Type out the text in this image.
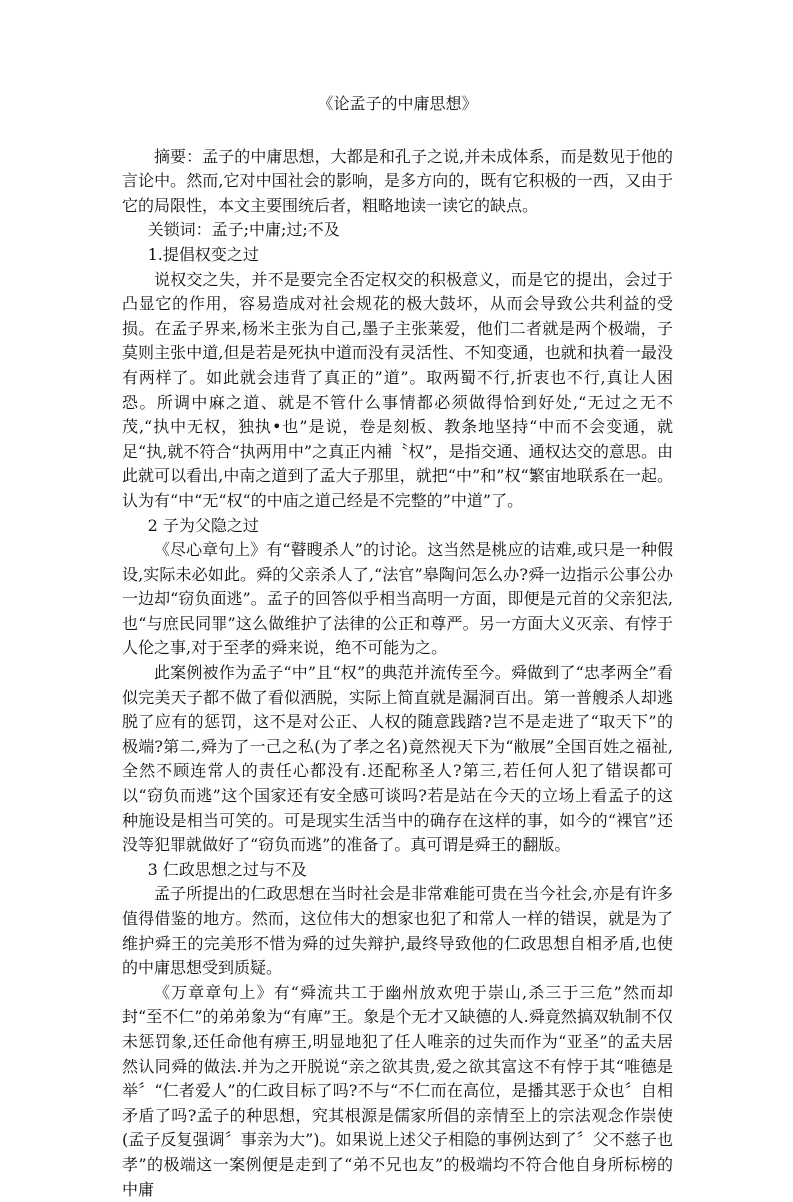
《论孟子的中庸思想》

摘要：孟子的中庸思想，大都是和孔子之说,并未成体系，而是数见于他的言论中。然而,它对中国社会的影响，是多方向的，既有它积极的一西，又由于它的局限性，本文主要围统后者，粗略地读一读它的缺点。

关锁词：孟子;中庸;过;不及

1.提倡权变之过

说权交之失，并不是要完全否定权交的积极意义，而是它的提出，会过于凸显它的作用，容易造成对社会规花的极大鼓坏，从而会导致公共利益的受损。在孟子界来,杨米主张为自己,墨子主张莱爱，他们二者就是两个极端，子莫则主张中道,但是若是死执中道而没有灵活性、不知变通，也就和执着一最没有两样了。如此就会违背了真正的”道”。取两蜀不行,折衷也不行,真让人困恐。所调中麻之道、就是不管什么事情都必须做得恰到好处,“无过之无不茂,“执中无权，独执•也”是说，卷是刻板、教条地坚持“中而不会变通，就足“执,就不符合“执两用中”之真正内補〝权”，是指交通、通权达交的意思。由此就可以看出,中南之道到了孟大子那里，就把“中”和”权“繁宙地联系在一起。认为有“中“无“权“的中庙之道己经是不完整的”中道”了。

2 子为父隐之过

《尽心章句上》有“瞽瞍杀人”的讨论。这当然是桃应的诘难,或只是一种假设,实际未必如此。舜的父亲杀人了,“法官”皋陶问怎么办?舜一边指示公事公办一边却“窃负面逃”。孟子的回答似乎相当高明一方面，即便是元首的父亲犯法,也“与庶民同罪”这么做维护了法律的公正和尊严。另一方面大义灭亲、有悖于人伦之事,对于至孝的舜来说，绝不可能为之。

此案例被作为孟子“中”且“权”的典范并流传至今。舜做到了“忠孝两全”看似完美天子都不做了看似洒脱，实际上简直就是漏洞百出。第一普艘杀人却逃脱了应有的惩罚，这不是对公正、人权的随意践踏?岂不是走进了“取天下”的极端?第二,舜为了一己之私(为了孝之名)竟然视天下为“敝展”全国百姓之福祉,全然不顾连常人的责任心都没有.还配称圣人?第三,若任何人犯了错误都可以“窃负而逃”这个国家还有安全感可谈吗?若是站在今天的立场上看孟子的这种施设是相当可笑的。可是现实生活当中的确存在这样的事，如今的“裸官”还没等犯罪就做好了“窃负而逃”的准备了。真可谓是舜王的翻版。

3 仁政思想之过与不及

孟子所提出的仁政思想在当时社会是非常难能可贵在当今社会,亦是有许多值得借鉴的地方。然而，这位伟大的想家也犯了和常人一样的错误，就是为了维护舜王的完美形不惜为舜的过失辩护,最终导致他的仁政思想自相矛盾,也使的中庸思想受到质疑。

《万章章句上》有“舜流共工于幽州放欢兜于崇山,杀三于三危”然而却封“至不仁”的弟弟象为“有庳”王。象是个无才又缺德的人.舜竟然搞双轨制不仅未惩罚象,还任命他有痹王,明显地犯了任人唯亲的过失而作为“亚圣”的孟夫居然认同舜的做法.并为之开脱说“亲之欲其贵,爱之欲其富这不有悖于其“唯德是举〞“仁者爱人”的仁政目标了吗?不与“不仁而在高位，是播其恶于众也〞自相矛盾了吗?孟子的种思想，究其根源是儒家所倡的亲情至上的宗法观念作崇使(孟子反复强调〞事亲为大”)。如果说上述父子相隐的事例达到了〞父不慈子也孝”的极端这一案例便是走到了“弟不兄也友”的极端均不符合他自身所标榜的中庸
